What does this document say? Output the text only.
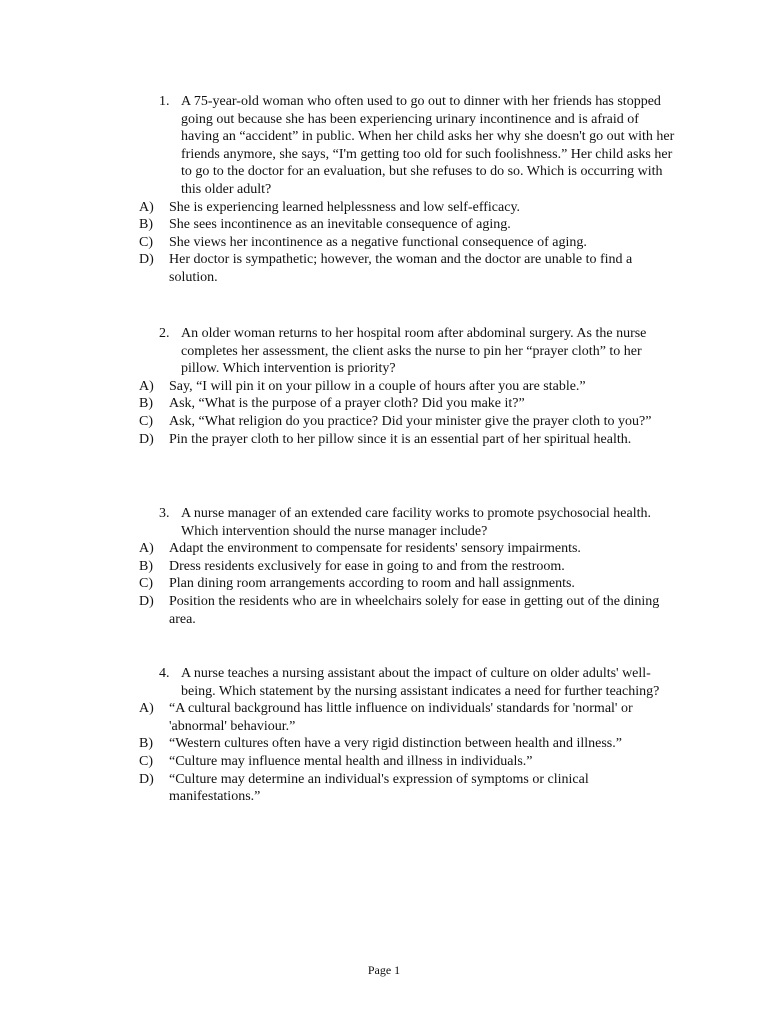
1. A 75-year-old woman who often used to go out to dinner with her friends has stopped going out because she has been experiencing urinary incontinence and is afraid of having an “accident” in public. When her child asks her why she doesn't go out with her friends anymore, she says, “I'm getting too old for such foolishness.” Her child asks her to go to the doctor for an evaluation, but she refuses to do so. Which is occurring with this older adult?
A) She is experiencing learned helplessness and low self-efficacy.
B) She sees incontinence as an inevitable consequence of aging.
C) She views her incontinence as a negative functional consequence of aging.
D) Her doctor is sympathetic; however, the woman and the doctor are unable to find a solution.
2. An older woman returns to her hospital room after abdominal surgery. As the nurse completes her assessment, the client asks the nurse to pin her “prayer cloth” to her pillow. Which intervention is priority?
A) Say, “I will pin it on your pillow in a couple of hours after you are stable.”
B) Ask, “What is the purpose of a prayer cloth? Did you make it?”
C) Ask, “What religion do you practice? Did your minister give the prayer cloth to you?”
D) Pin the prayer cloth to her pillow since it is an essential part of her spiritual health.
3. A nurse manager of an extended care facility works to promote psychosocial health. Which intervention should the nurse manager include?
A) Adapt the environment to compensate for residents' sensory impairments.
B) Dress residents exclusively for ease in going to and from the restroom.
C) Plan dining room arrangements according to room and hall assignments.
D) Position the residents who are in wheelchairs solely for ease in getting out of the dining area.
4. A nurse teaches a nursing assistant about the impact of culture on older adults' well-being. Which statement by the nursing assistant indicates a need for further teaching?
A) “A cultural background has little influence on individuals' standards for 'normal' or 'abnormal' behaviour.”
B) “Western cultures often have a very rigid distinction between health and illness.”
C) “Culture may influence mental health and illness in individuals.”
D) “Culture may determine an individual's expression of symptoms or clinical manifestations.”
Page 1
